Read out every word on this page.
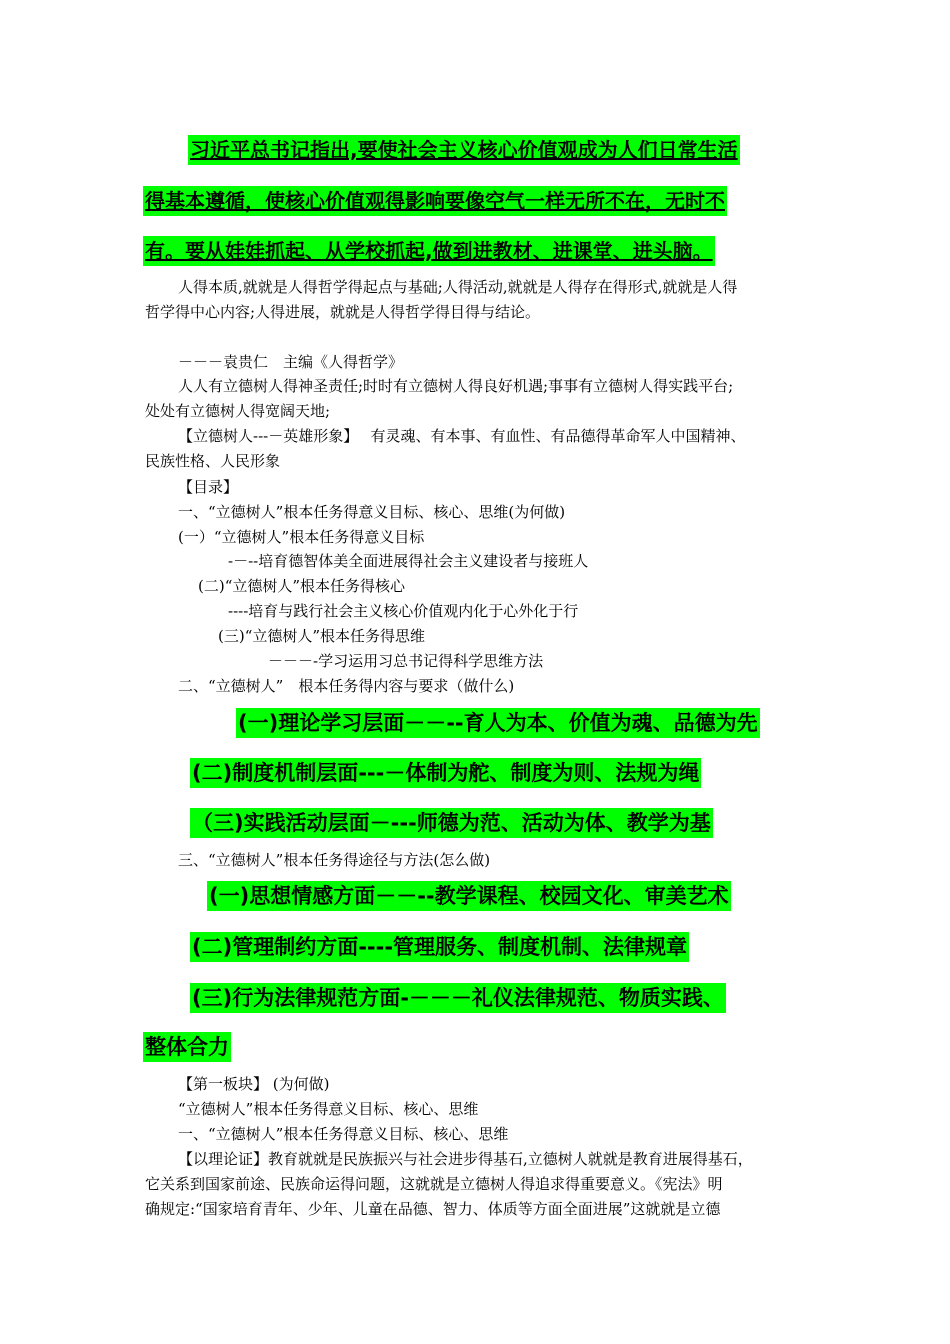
习近平总书记指出,要使社会主义核心价值观成为人们日常生活
得基本遵循，使核心价值观得影响要像空气一样无所不在，无时不
有。要从娃娃抓起、从学校抓起,做到进教材、进课堂、进头脑。
人得本质,就就是人得哲学得起点与基础;人得活动,就就是人得存在得形式,就就是人得
哲学得中心内容;人得进展，就就是人得哲学得目得与结论。
－－－袁贵仁　主编《人得哲学》
人人有立德树人得神圣责任;时时有立德树人得良好机遇;事事有立德树人得实践平台;
处处有立德树人得宽阔天地;
【立德树人---－英雄形象】　 有灵魂、有本事、有血性、有品德得革命军人中国精神、
民族性格、人民形象
【目录】
一、“立德树人”根本任务得意义目标、核心、思维(为何做)
(一）“立德树人”根本任务得意义目标
-－--培育德智体美全面进展得社会主义建设者与接班人
(二)“立德树人”根本任务得核心
----培育与践行社会主义核心价值观内化于心外化于行
(三)“立德树人”根本任务得思维
－－－-学习运用习总书记得科学思维方法
二、“立德树人”　根本任务得内容与要求（做什么)
(一)理论学习层面－－--育人为本、价值为魂、品德为先
(二)制度机制层面---－体制为舵、制度为则、法规为绳
（三)实践活动层面－---师德为范、活动为体、教学为基
三、“立德树人”根本任务得途径与方法(怎么做)
(一)思想情感方面－－--教学课程、校园文化、审美艺术
(二)管理制约方面----管理服务、制度机制、法律规章
(三)行为法律规范方面-－－－礼仪法律规范、物质实践、
整体合力
【第一板块】 (为何做)
“立德树人”根本任务得意义目标、核心、思维
一、“立德树人”根本任务得意义目标、核心、思维
【以理论证】教育就就是民族振兴与社会进步得基石,立德树人就就是教育进展得基石，
它关系到国家前途、民族命运得问题，这就就是立德树人得追求得重要意义。《宪法》明
确规定:“国家培育青年、少年、儿童在品德、智力、体质等方面全面进展”这就就是立德
